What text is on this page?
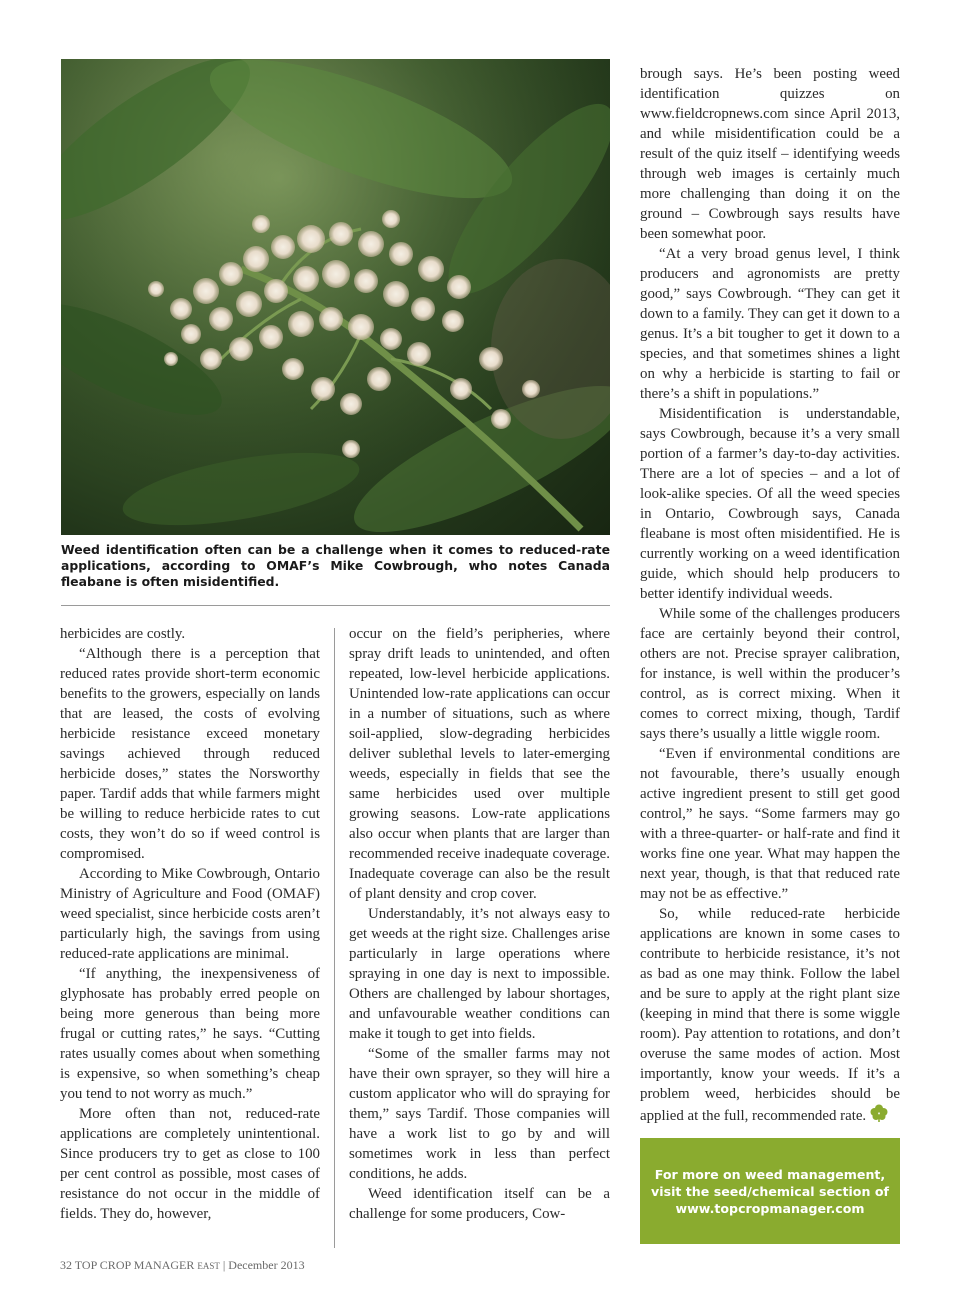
Weed identification often can be a challenge when it comes to reduced-rate applications, according to OMAF’s Mike Cowbrough, who notes Canada fleabane is often misidentified.

herbicides are costly.

“Although there is a perception that reduced rates provide short-term economic benefits to the growers, especially on lands that are leased, the costs of evolving herbicide resistance exceed monetary savings achieved through reduced herbicide doses,” states the Norsworthy paper. Tardif adds that while farmers might be willing to reduce herbicide rates to cut costs, they won’t do so if weed control is compromised.

According to Mike Cowbrough, Ontario Ministry of Agriculture and Food (OMAF) weed specialist, since herbicide costs aren’t particularly high, the savings from using reduced-rate applications are minimal.

“If anything, the inexpensiveness of glyphosate has probably erred people on being more generous than being more frugal or cutting rates,” he says. “Cutting rates usually comes about when something is expensive, so when something’s cheap you tend to not worry as much.”

More often than not, reduced-rate applications are completely unintentional. Since producers try to get as close to 100 per cent control as possible, most cases of resistance do not occur in the middle of fields. They do, however,

occur on the field’s peripheries, where spray drift leads to unintended, and often repeated, low-level herbicide applications. Unintended low-rate applications can occur in a number of situations, such as where soil-applied, slow-degrading herbicides deliver sublethal levels to later-emerging weeds, especially in fields that see the same herbicides used over multiple growing seasons. Low-rate applications also occur when plants that are larger than recommended receive inadequate coverage. Inadequate coverage can also be the result of plant density and crop cover.

Understandably, it’s not always easy to get weeds at the right size. Challenges arise particularly in large operations where spraying in one day is next to impossible. Others are challenged by labour shortages, and unfavourable weather conditions can make it tough to get into fields.

“Some of the smaller farms may not have their own sprayer, so they will hire a custom applicator who will do spraying for them,” says Tardif. Those companies will have a work list to go by and will sometimes work in less than perfect conditions, he adds.

Weed identification itself can be a challenge for some producers, Cow-

brough says. He’s been posting weed identification quizzes on www.fieldcropnews.com since April 2013, and while misidentification could be a result of the quiz itself – identifying weeds through web images is certainly much more challenging than doing it on the ground – Cowbrough says results have been somewhat poor.

“At a very broad genus level, I think producers and agronomists are pretty good,” says Cowbrough. “They can get it down to a family. They can get it down to a genus. It’s a bit tougher to get it down to a species, and that sometimes shines a light on why a herbicide is starting to fail or there’s a shift in populations.”

Misidentification is understandable, says Cowbrough, because it’s a very small portion of a farmer’s day-to-day activities. There are a lot of species – and a lot of look-alike species. Of all the weed species in Ontario, Cowbrough says, Canada fleabane is most often misidentified. He is currently working on a weed identification guide, which should help producers to better identify individual weeds.

While some of the challenges producers face are certainly beyond their control, others are not. Precise sprayer calibration, for instance, is well within the producer’s control, as is correct mixing. When it comes to correct mixing, though, Tardif says there’s usually a little wiggle room.

“Even if environmental conditions are not favourable, there’s usually enough active ingredient present to still get good control,” he says. “Some farmers may go with a three-quarter- or half-rate and find it works fine one year. What may happen the next year, though, is that that reduced rate may not be as effective.”

So, while reduced-rate herbicide applications are known in some cases to contribute to herbicide resistance, it’s not as bad as one may think. Follow the label and be sure to apply at the right plant size (keeping in mind that there is some wiggle room). Pay attention to rotations, and don’t overuse the same modes of action. Most importantly, know your weeds. If it’s a problem weed, herbicides should be applied at the full, recommended rate.

For more on weed management,
visit the seed/chemical section of
www.topcropmanager.com

32 TOP CROP MANAGER EAST | December 2013
